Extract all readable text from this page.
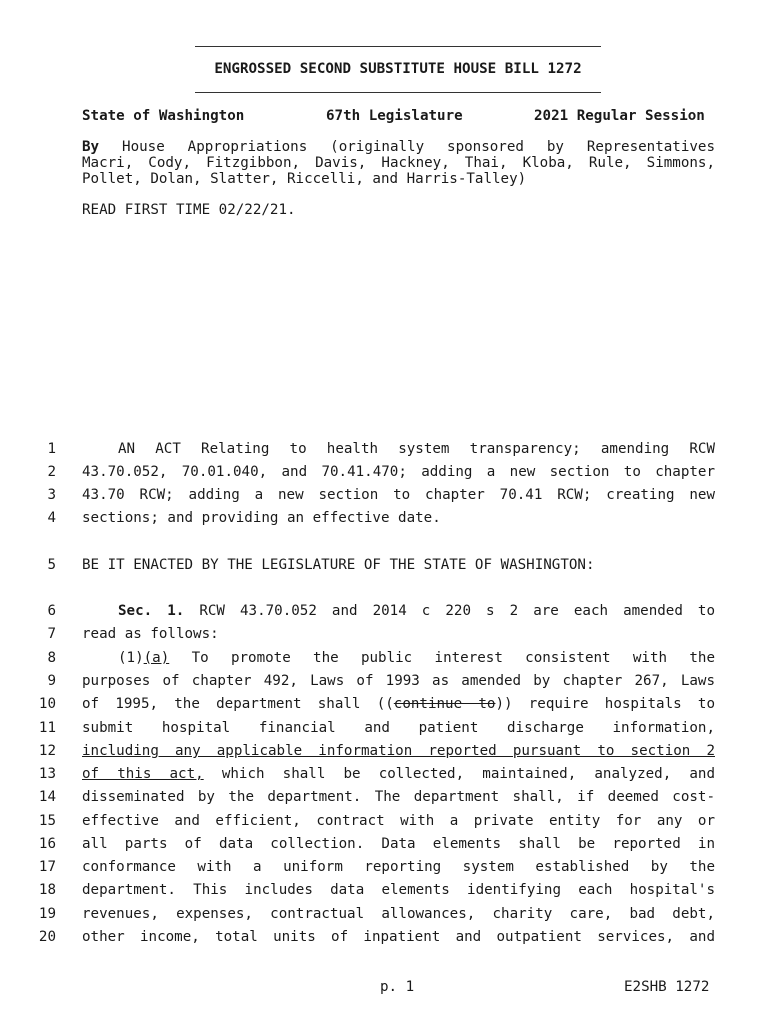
ENGROSSED SECOND SUBSTITUTE HOUSE BILL 1272
State of Washington	67th Legislature	2021 Regular Session
By House Appropriations (originally sponsored by Representatives
Macri, Cody, Fitzgibbon, Davis, Hackney, Thai, Kloba, Rule, Simmons,
Pollet, Dolan, Slatter, Riccelli, and Harris-Talley)
READ FIRST TIME 02/22/21.
1
2
3
4
5
6
7
8
9
10
11
12
13
14
15
16
17
18
19
20
AN ACT Relating to health system transparency; amending RCW
43.70.052, 70.01.040, and 70.41.470; adding a new section to chapter
43.70 RCW; adding a new section to chapter 70.41 RCW; creating new
sections; and providing an effective date.
BE IT ENACTED BY THE LEGISLATURE OF THE STATE OF WASHINGTON:
Sec. 1. RCW 43.70.052 and 2014 c 220 s 2 are each amended to
read as follows:
(1)(a) To promote the public interest consistent with the
purposes of chapter 492, Laws of 1993 as amended by chapter 267, Laws
of 1995, the department shall ((continue to)) require hospitals to
submit hospital financial and patient discharge information,
including any applicable information reported pursuant to section 2
of this act, which shall be collected, maintained, analyzed, and
disseminated by the department. The department shall, if deemed cost-
effective and efficient, contract with a private entity for any or
all parts of data collection. Data elements shall be reported in
conformance with a uniform reporting system established by the
department. This includes data elements identifying each hospital's
revenues, expenses, contractual allowances, charity care, bad debt,
other income, total units of inpatient and outpatient services, and
p. 1	E2SHB 1272
